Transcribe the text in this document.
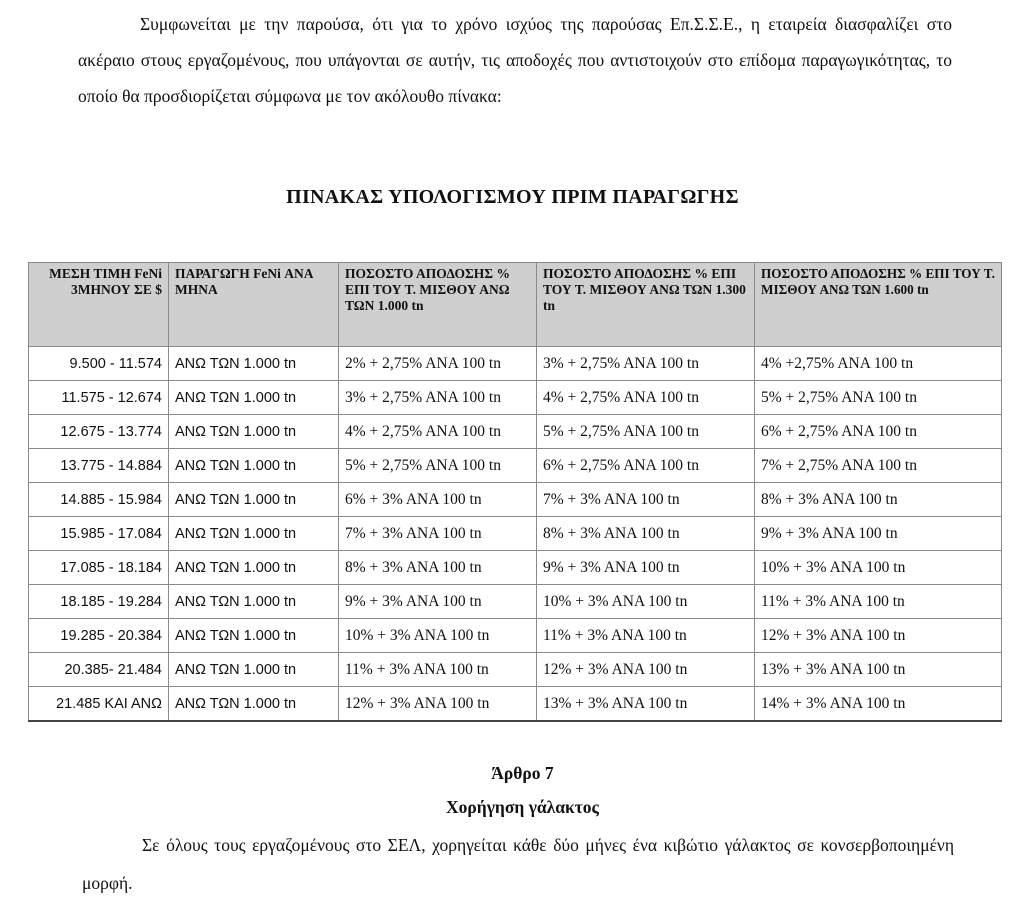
Συμφωνείται με την παρούσα, ότι για το χρόνο ισχύος της παρούσας Επ.Σ.Σ.Ε., η εταιρεία διασφαλίζει στο ακέραιο στους εργαζομένους, που υπάγονται σε αυτήν, τις αποδοχές που αντιστοιχούν στο επίδομα παραγωγικότητας, το οποίο θα προσδιορίζεται σύμφωνα με τον ακόλουθο πίνακα:

ΠΙΝΑΚΑΣ ΥΠΟΛΟΓΙΣΜΟΥ ΠΡΙΜ ΠΑΡΑΓΩΓΗΣ
ΜΕΣΗ ΤΙΜΗ FeNi 3ΜΗΝΟΥ ΣΕ $	ΠΑΡΑΓΩΓΗ FeNi ΑΝΑ ΜΗΝΑ	ΠΟΣΟΣΤΟ ΑΠΟΔΟΣΗΣ % ΕΠΙ ΤΟΥ Τ. ΜΙΣΘΟΥ ΑΝΩ ΤΩΝ 1.000 tn	ΠΟΣΟΣΤΟ ΑΠΟΔΟΣΗΣ % ΕΠΙ ΤΟΥ Τ. ΜΙΣΘΟΥ ΑΝΩ ΤΩΝ 1.300 tn	ΠΟΣΟΣΤΟ ΑΠΟΔΟΣΗΣ % ΕΠΙ ΤΟΥ Τ. ΜΙΣΘΟΥ ΑΝΩ ΤΩΝ 1.600 tn
9.500 - 11.574	ΑΝΩ ΤΩΝ 1.000 tn	2% + 2,75% ΑΝΑ 100 tn	3% + 2,75% ΑΝΑ 100 tn	4% +2,75% ΑΝΑ 100 tn
11.575 - 12.674	ΑΝΩ ΤΩΝ 1.000 tn	3% + 2,75% ΑΝΑ 100 tn	4% + 2,75% ΑΝΑ 100 tn	5% + 2,75% ΑΝΑ 100 tn
12.675 - 13.774	ΑΝΩ ΤΩΝ 1.000 tn	4% + 2,75% ΑΝΑ 100 tn	5% + 2,75% ΑΝΑ 100 tn	6% + 2,75% ΑΝΑ 100 tn
13.775 - 14.884	ΑΝΩ ΤΩΝ 1.000 tn	5% + 2,75% ΑΝΑ 100 tn	6% + 2,75% ΑΝΑ 100 tn	7% + 2,75% ΑΝΑ 100 tn
14.885 - 15.984	ΑΝΩ ΤΩΝ 1.000 tn	6% + 3% ΑΝΑ 100 tn	7% + 3% ΑΝΑ 100 tn	8% + 3% ΑΝΑ 100 tn
15.985 - 17.084	ΑΝΩ ΤΩΝ 1.000 tn	7% + 3% ΑΝΑ 100 tn	8% + 3% ΑΝΑ 100 tn	9% + 3% ΑΝΑ 100 tn
17.085 - 18.184	ΑΝΩ ΤΩΝ 1.000 tn	8% + 3% ΑΝΑ 100 tn	9% + 3% ΑΝΑ 100 tn	10% + 3% ΑΝΑ 100 tn
18.185 - 19.284	ΑΝΩ ΤΩΝ 1.000 tn	9% + 3% ΑΝΑ 100 tn	10% + 3% ΑΝΑ 100 tn	11% + 3% ΑΝΑ 100 tn
19.285 - 20.384	ΑΝΩ ΤΩΝ 1.000 tn	10% + 3% ΑΝΑ 100 tn	11% + 3% ΑΝΑ 100 tn	12% + 3% ΑΝΑ 100 tn
20.385- 21.484	ΑΝΩ ΤΩΝ 1.000 tn	11% + 3% ΑΝΑ 100 tn	12% + 3% ΑΝΑ 100 tn	13% + 3% ΑΝΑ 100 tn
21.485 ΚΑΙ ΑΝΩ	ΑΝΩ ΤΩΝ 1.000 tn	12% + 3% ΑΝΑ 100 tn	13% + 3% ΑΝΑ 100 tn	14% + 3% ΑΝΑ 100 tn
Άρθρο 7
Χορήγηση γάλακτος

Σε όλους τους εργαζομένους στο ΣΕΛ, χορηγείται κάθε δύο μήνες ένα κιβώτιο γάλακτος σε κονσερβοποιημένη μορφή.
